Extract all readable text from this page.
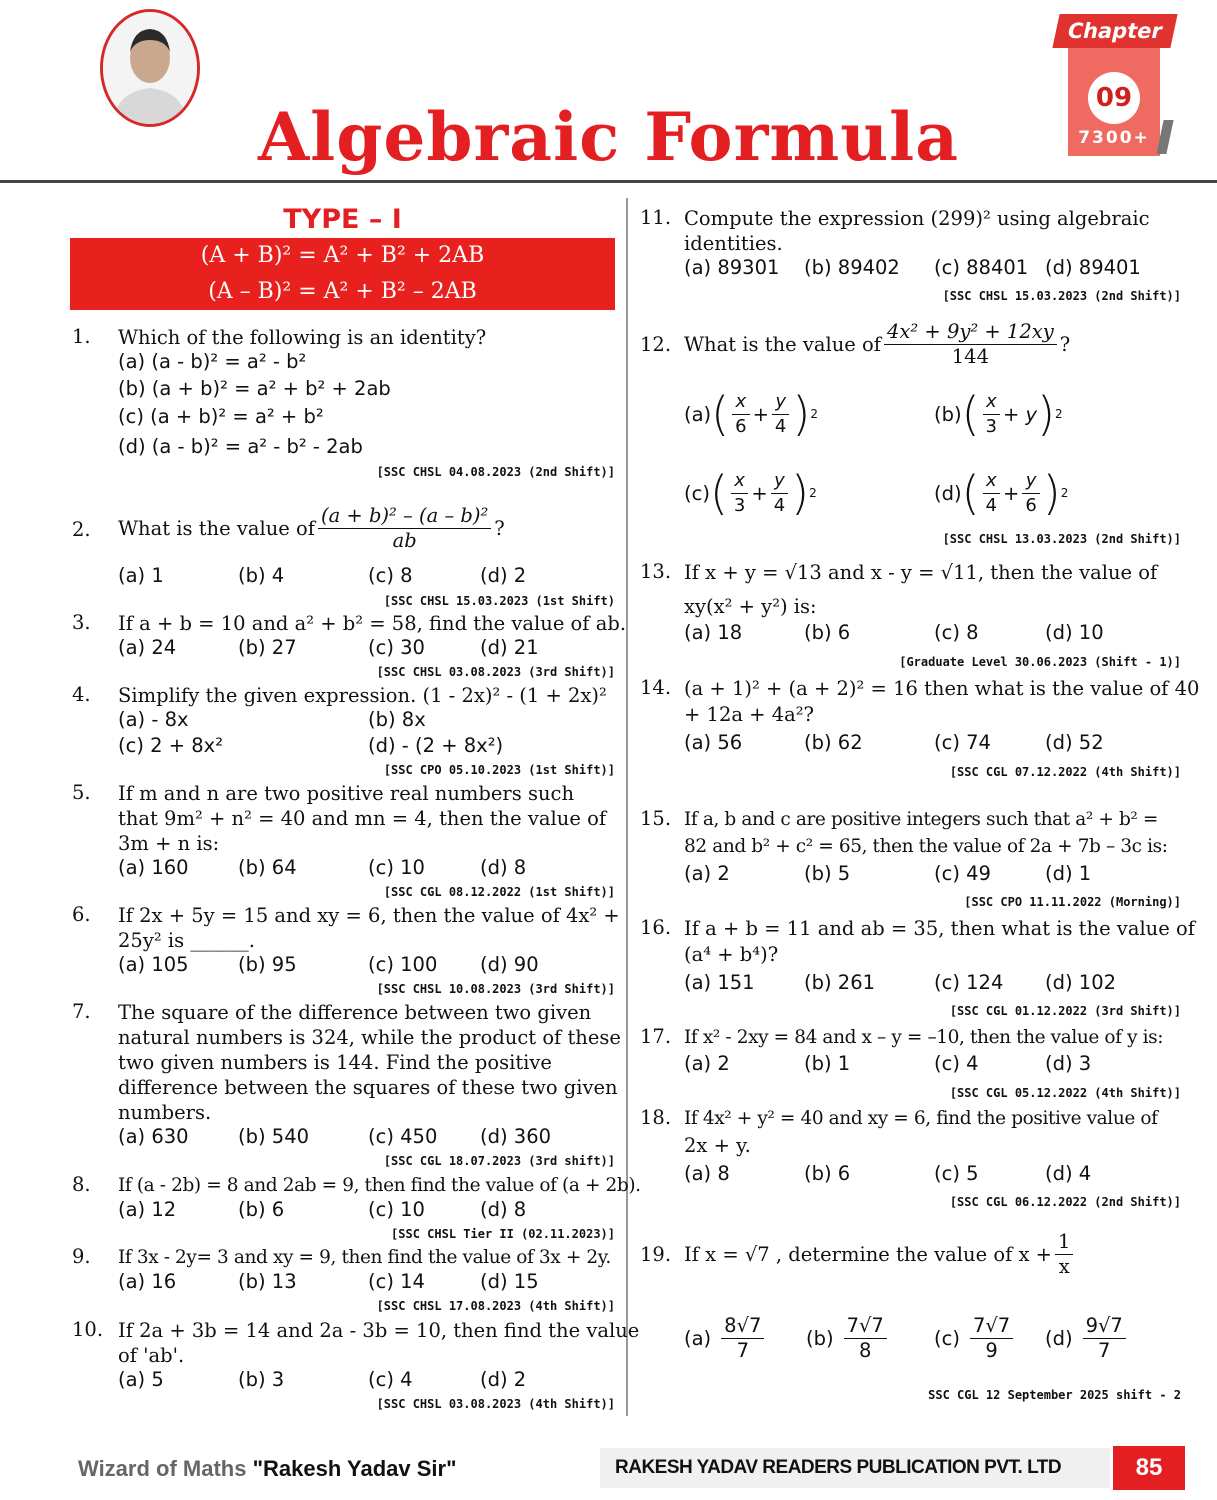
Algebraic Formula
Chapter
09
7300+
TYPE – I
(A + B)² = A² + B² + 2AB
(A – B)² = A² + B² – 2AB
1. Which of the following is an identity?
(a) (a - b)² = a² - b²
(b) (a + b)² = a² + b² + 2ab
(c) (a + b)² = a² + b²
(d) (a - b)² = a² - b² - 2ab
[SSC CHSL 04.08.2023 (2nd Shift)]
2. What is the value of $\frac{\text{(a + b)² – (a – b)²}}{ab}$ ?
(a) 1	(b) 4	(c) 8	(d) 2
[SSC CHSL 15.03.2023 (1st Shift)
3. If a + b = 10 and a² + b² = 58, find the value of ab.
(a) 24	(b) 27	(c) 30	(d) 21
[SSC CHSL 03.08.2023 (3rd Shift)]
4. Simplify the given expression. (1 - 2x)² - (1 + 2x)²
(a) - 8x	(b) 8x
(c) 2 + 8x²	(d) - (2 + 8x²)
[SSC CPO 05.10.2023 (1st Shift)]
5. If m and n are two positive real numbers such
that 9m² + n² = 40 and mn = 4, then the value of
3m + n is:
(a) 160	(b) 64	(c) 10	(d) 8
[SSC CGL 08.12.2022 (1st Shift)]
6. If 2x + 5y = 15 and xy = 6, then the value of 4x² +
25y² is ______.
(a) 105	(b) 95	(c) 100 (d) 90
[SSC CHSL 10.08.2023 (3rd Shift)]
7. The square of the difference between two given
natural numbers is 324, while the product of these
two given numbers is 144. Find the positive
difference between the squares of these two given
numbers.
(a) 630	(b) 540	(c) 450 (d) 360
[SSC CGL 18.07.2023 (3rd shift)]
8. If (a - 2b) = 8 and 2ab = 9, then find the value of (a + 2b).
(a) 12	(b) 6	(c) 10	(d) 8
[SSC CHSL Tier II (02.11.2023)]
9. If 3x - 2y= 3 and xy = 9, then find the value of 3x + 2y.
(a) 16	(b) 13	(c) 14	(d) 15
[SSC CHSL 17.08.2023 (4th Shift)]
10. If 2a + 3b = 14 and 2a - 3b = 10, then find the value
of 'ab'.
(a) 5	(b) 3	(c) 4	(d) 2
[SSC CHSL 03.08.2023 (4th Shift)]
11. Compute the expression (299)² using algebraic
identities.
(a) 89301 (b) 89402 (c) 88401 (d) 89401
[SSC CHSL 15.03.2023 (2nd Shift)]
12. What is the value of $\frac{\text{4x² + 9y² + 12xy}}{144}$ ?
(a) ( $\frac{x}{6} + \frac{y}{4}$ ) 2	(b) ( $\frac{x}{3} + y$ ) 2
(c) ( $\frac{x}{3} + \frac{y}{4}$ ) 2	(d) ( $\frac{x}{4} + \frac{y}{6}$ ) 2
[SSC CHSL 13.03.2023 (2nd Shift)]
13. If x + y = √13 and x - y = √11, then the value of
xy(x² + y²) is:
(a) 18	(b) 6	(c) 8	(d) 10
[Graduate Level 30.06.2023 (Shift - 1)]
14. (a + 1)² + (a + 2)² = 16 then what is the value of 40
+ 12a + 4a²?
(a) 56	(b) 62	(c) 74	(d) 52
[SSC CGL 07.12.2022 (4th Shift)]
15. If a, b and c are positive integers such that a² + b² =
82 and b² + c² = 65, then the value of 2a + 7b – 3c is:
(a) 2	(b) 5	(c) 49	(d) 1
[SSC CPO 11.11.2022 (Morning)]
16. If a + b = 11 and ab = 35, then what is the value of
(a⁴ + b⁴)?
(a) 151	(b) 261	(c) 124 (d) 102
[SSC CGL 01.12.2022 (3rd Shift)]
17. If x² - 2xy = 84 and x – y = –10, then the value of y is:
(a) 2	(b) 1	(c) 4	(d) 3
[SSC CGL 05.12.2022 (4th Shift)]
18. If 4x² + y² = 40 and xy = 6, find the positive value of
2x + y.
(a) 8	(b) 6	(c) 5	(d) 4
[SSC CGL 06.12.2022 (2nd Shift)]
19. If x = √7 , determine the value of $x + \frac{1}{x}$
$(a) \frac{8√7}{7} (b) \frac{7√7}{8} (c) \frac{7√7}{9} (d) \frac{9√7}{7}$
SSC CGL 12 September 2025 shift - 2
Wizard of Maths "Rakesh Yadav Sir"	RAKESH YADAV READERS PUBLICATION PVT. LTD	85
